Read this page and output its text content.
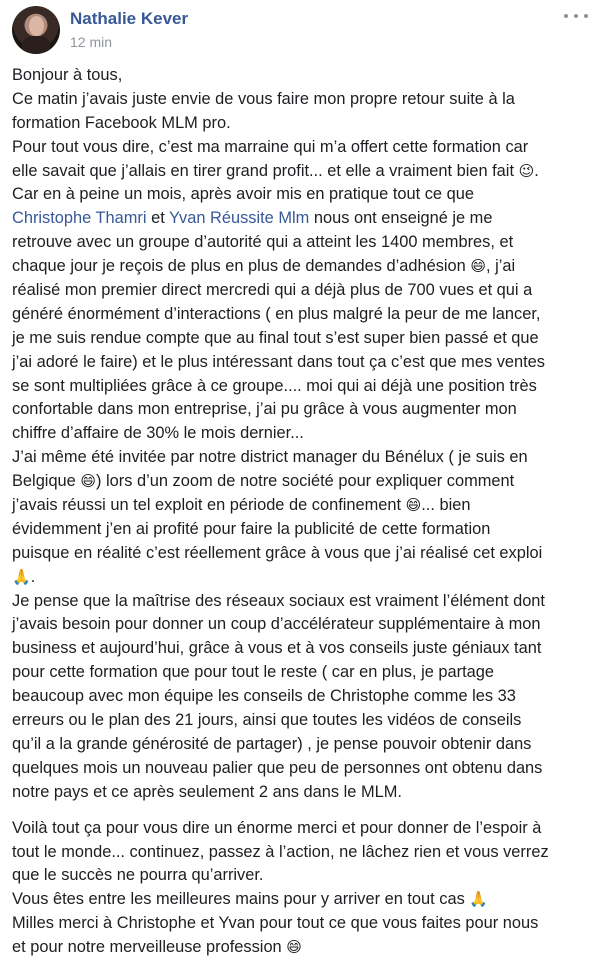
Nathalie Kever
12 min
Bonjour à tous,
Ce matin j’avais juste envie de vous faire mon propre retour suite à la
formation Facebook MLM pro.
Pour tout vous dire, c’est ma marraine qui m’a offert cette formation car
elle savait que j’allais en tirer grand profit... et elle a vraiment bien fait 😉.
Car en à peine un mois, après avoir mis en pratique tout ce que
Christophe Thamri et Yvan Réussite Mlm nous ont enseigné je me
retrouve avec un groupe d’autorité qui a atteint les 1400 membres, et
chaque jour je reçois de plus en plus de demandes d’adhésion 😄, j’ai
réalisé mon premier direct mercredi qui a déjà plus de 700 vues et qui a
généré énormément d’interactions ( en plus malgré la peur de me lancer,
je me suis rendue compte que au final tout s’est super bien passé et que
j’ai adoré le faire) et le plus intéressant dans tout ça c’est que mes ventes
se sont multipliées grâce à ce groupe.... moi qui ai déjà une position très
confortable dans mon entreprise, j’ai pu grâce à vous augmenter mon
chiffre d’affaire de 30% le mois dernier...
J’ai même été invitée par notre district manager du Bénélux ( je suis en
Belgique 😄) lors d’un zoom de notre société pour expliquer comment
j’avais réussi un tel exploit en période de confinement 😄... bien
évidemment j’en ai profité pour faire la publicité de cette formation
puisque en réalité c’est réellement grâce à vous que j’ai réalisé cet exploi
🙏.
Je pense que la maîtrise des réseaux sociaux est vraiment l’élément dont
j’avais besoin pour donner un coup d’accélérateur supplémentaire à mon
business et aujourd’hui, grâce à vous et à vos conseils juste géniaux tant
pour cette formation que pour tout le reste ( car en plus, je partage
beaucoup avec mon équipe les conseils de Christophe comme les 33
erreurs ou le plan des 21 jours, ainsi que toutes les vidéos de conseils
qu’il a la grande générosité de partager) , je pense pouvoir obtenir dans
quelques mois un nouveau palier que peu de personnes ont obtenu dans
notre pays et ce après seulement 2 ans dans le MLM.
Voilà tout ça pour vous dire un énorme merci et pour donner de l’espoir à
tout le monde... continuez, passez à l’action, ne lâchez rien et vous verrez
que le succès ne pourra qu’arriver.
Vous êtes entre les meilleures mains pour y arriver en tout cas 🙏
Milles merci à Christophe et Yvan pour tout ce que vous faites pour nous
et pour notre merveilleuse profession 😄
